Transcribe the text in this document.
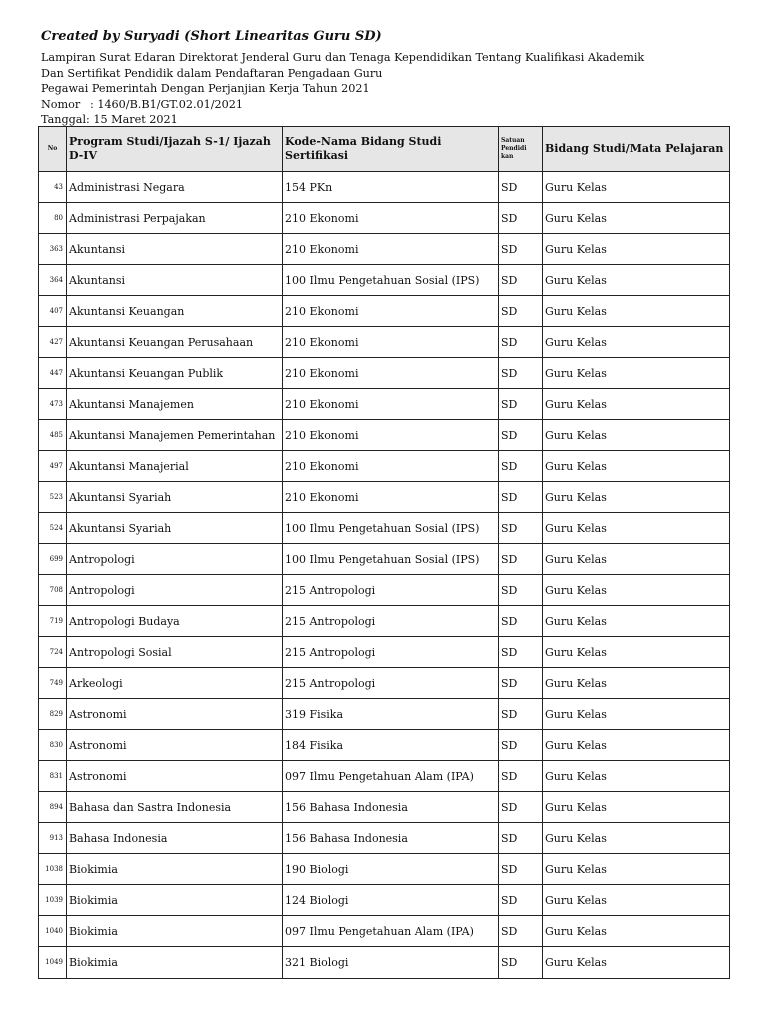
Created by Suryadi (Short Linearitas Guru SD)
Lampiran Surat Edaran Direktorat Jenderal Guru dan Tenaga Kependidikan Tentang Kualifikasi Akademik
Dan Sertifikat Pendidik dalam Pendaftaran Pengadaan Guru
Pegawai Pemerintah Dengan Perjanjian Kerja Tahun 2021
Nomor : 1460/B.B1/GT.02.01/2021
Tanggal : 15 Maret 2021
No	Program Studi/Ijazah S-1/ Ijazah D-IV	Kode-Nama Bidang Studi Sertifikasi	Satuan Pendidi kan	Bidang Studi/Mata Pelajaran
43	Administrasi Negara	154 PKn	SD	Guru Kelas
80	Administrasi Perpajakan	210 Ekonomi	SD	Guru Kelas
363	Akuntansi	210 Ekonomi	SD	Guru Kelas
364	Akuntansi	100 Ilmu Pengetahuan Sosial (IPS)	SD	Guru Kelas
407	Akuntansi Keuangan	210 Ekonomi	SD	Guru Kelas
427	Akuntansi Keuangan Perusahaan	210 Ekonomi	SD	Guru Kelas
447	Akuntansi Keuangan Publik	210 Ekonomi	SD	Guru Kelas
473	Akuntansi Manajemen	210 Ekonomi	SD	Guru Kelas
485	Akuntansi Manajemen Pemerintahan	210 Ekonomi	SD	Guru Kelas
497	Akuntansi Manajerial	210 Ekonomi	SD	Guru Kelas
523	Akuntansi Syariah	210 Ekonomi	SD	Guru Kelas
524	Akuntansi Syariah	100 Ilmu Pengetahuan Sosial (IPS)	SD	Guru Kelas
699	Antropologi	100 Ilmu Pengetahuan Sosial (IPS)	SD	Guru Kelas
708	Antropologi	215 Antropologi	SD	Guru Kelas
719	Antropologi Budaya	215 Antropologi	SD	Guru Kelas
724	Antropologi Sosial	215 Antropologi	SD	Guru Kelas
749	Arkeologi	215 Antropologi	SD	Guru Kelas
829	Astronomi	319 Fisika	SD	Guru Kelas
830	Astronomi	184 Fisika	SD	Guru Kelas
831	Astronomi	097 Ilmu Pengetahuan Alam (IPA)	SD	Guru Kelas
894	Bahasa dan Sastra Indonesia	156 Bahasa Indonesia	SD	Guru Kelas
913	Bahasa Indonesia	156 Bahasa Indonesia	SD	Guru Kelas
1038	Biokimia	190 Biologi	SD	Guru Kelas
1039	Biokimia	124 Biologi	SD	Guru Kelas
1040	Biokimia	097 Ilmu Pengetahuan Alam (IPA)	SD	Guru Kelas
1049	Biokimia	321 Biologi	SD	Guru Kelas
